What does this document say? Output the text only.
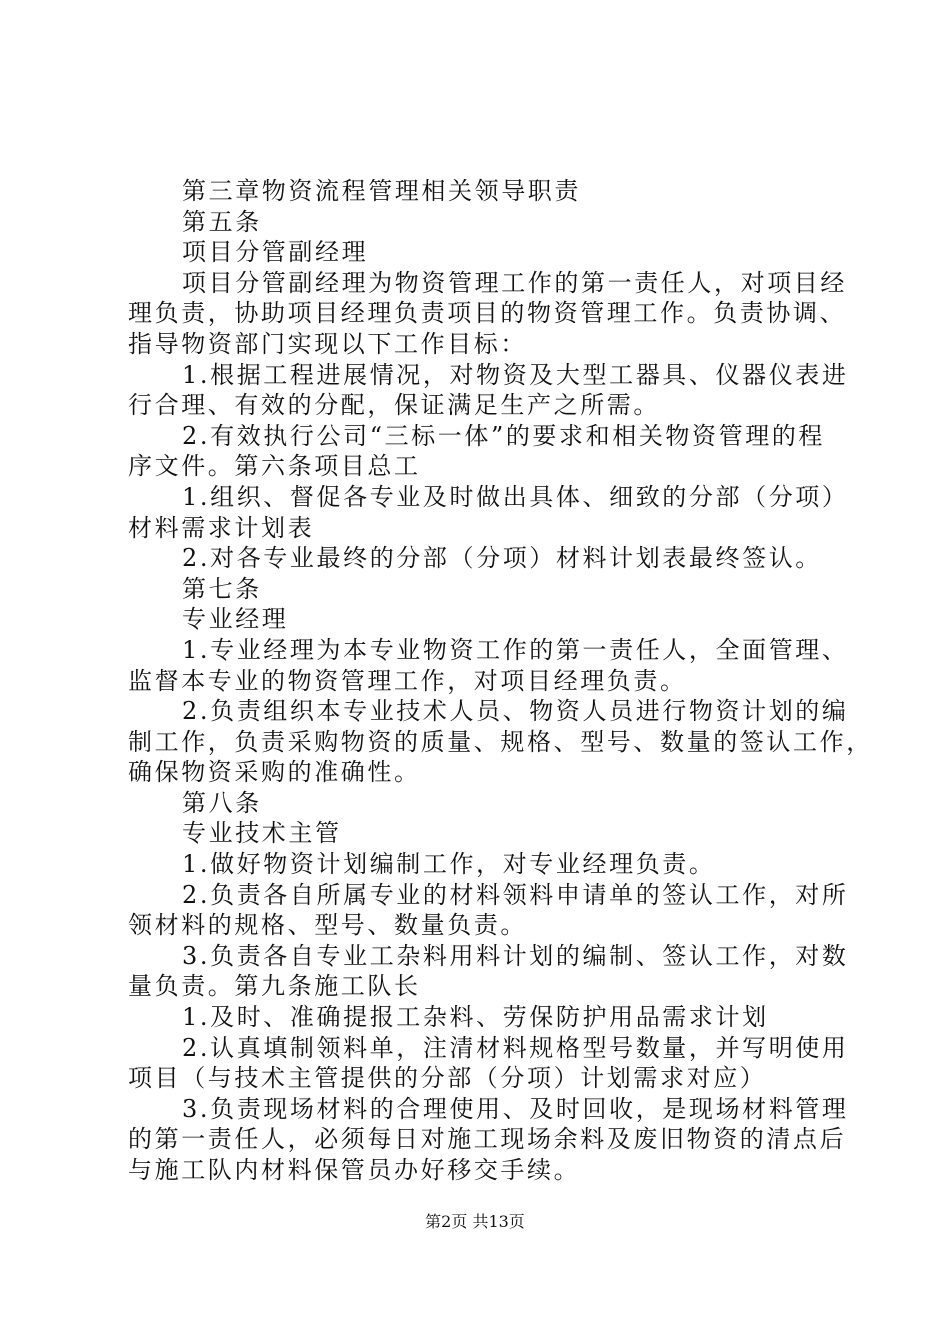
第三章物资流程管理相关领导职责
第五条
项目分管副经理
项目分管副经理为物资管理工作的第一责任人，对项目经
理负责，协助项目经理负责项目的物资管理工作。负责协调、
指导物资部门实现以下工作目标：
1.根据工程进展情况，对物资及大型工器具、仪器仪表进
行合理、有效的分配，保证满足生产之所需。
2.有效执行公司“三标一体”的要求和相关物资管理的程
序文件。第六条项目总工
1.组织、督促各专业及时做出具体、细致的分部（分项）
材料需求计划表
2.对各专业最终的分部（分项）材料计划表最终签认。
第七条
专业经理
1.专业经理为本专业物资工作的第一责任人，全面管理、
监督本专业的物资管理工作，对项目经理负责。
2.负责组织本专业技术人员、物资人员进行物资计划的编
制工作，负责采购物资的质量、规格、型号、数量的签认工作，
确保物资采购的准确性。
第八条
专业技术主管
1.做好物资计划编制工作，对专业经理负责。
2.负责各自所属专业的材料领料申请单的签认工作，对所
领材料的规格、型号、数量负责。
3.负责各自专业工杂料用料计划的编制、签认工作，对数
量负责。第九条施工队长
1.及时、准确提报工杂料、劳保防护用品需求计划
2.认真填制领料单，注清材料规格型号数量，并写明使用
项目（与技术主管提供的分部（分项）计划需求对应）
3.负责现场材料的合理使用、及时回收，是现场材料管理
的第一责任人，必须每日对施工现场余料及废旧物资的清点后
与施工队内材料保管员办好移交手续。
第2页 共13页
